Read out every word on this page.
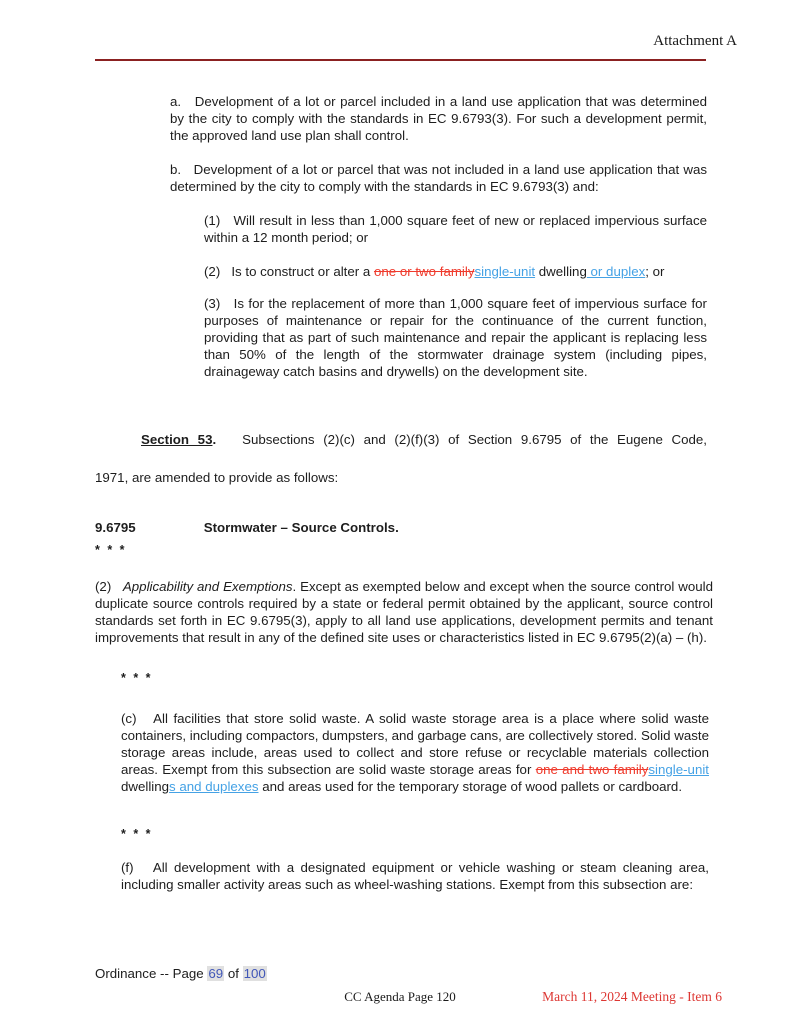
Attachment A

a.   Development of a lot or parcel included in a land use application that was determined by the city to comply with the standards in EC 9.6793(3). For such a development permit, the approved land use plan shall control.

b.   Development of a lot or parcel that was not included in a land use application that was determined by the city to comply with the standards in EC 9.6793(3) and:

(1)   Will result in less than 1,000 square feet of new or replaced impervious surface within a 12 month period; or

(2)   Is to construct or alter a one or two familysingle-unit dwelling or duplex; or

(3)   Is for the replacement of more than 1,000 square feet of impervious surface for purposes of maintenance or repair for the continuance of the current function, providing that as part of such maintenance and repair the applicant is replacing less than 50% of the length of the stormwater drainage system (including pipes, drainageway catch basins and drywells) on the development site.

Section 53.   Subsections (2)(c) and (2)(f)(3) of Section 9.6795 of the Eugene Code,

1971, are amended to provide as follows:

9.6795	Stormwater – Source Controls.

* * *

(2)   Applicability and Exemptions. Except as exempted below and except when the source control would duplicate source controls required by a state or federal permit obtained by the applicant, source control standards set forth in EC 9.6795(3), apply to all land use applications, development permits and tenant improvements that result in any of the defined site uses or characteristics listed in EC 9.6795(2)(a) – (h).

* * *

(c)   All facilities that store solid waste. A solid waste storage area is a place where solid waste containers, including compactors, dumpsters, and garbage cans, are collectively stored. Solid waste storage areas include, areas used to collect and store refuse or recyclable materials collection areas. Exempt from this subsection are solid waste storage areas for one and two familysingle-unit dwellings and duplexes and areas used for the temporary storage of wood pallets or cardboard.

* * *

(f)   All development with a designated equipment or vehicle washing or steam cleaning area, including smaller activity areas such as wheel-washing stations. Exempt from this subsection are:

Ordinance -- Page 69 of 100

CC Agenda Page 120	March 11, 2024 Meeting - Item 6
